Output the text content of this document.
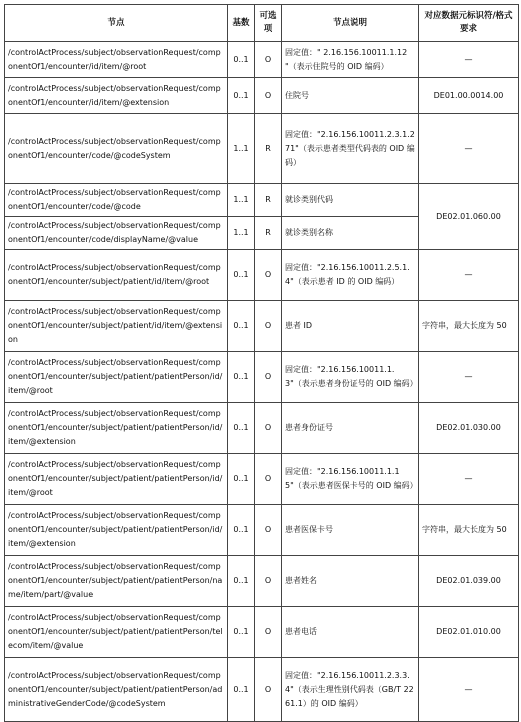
节点	基数	可选项	节点说明	对应数据元标识符/格式要求
/controlActProcess/subject/observationRequest/componentOf1/encounter/id/item/@root	0..1	O	固定值：" 2.16.156.10011.1.12 "（表示住院号的 OID 编码）	—
/controlActProcess/subject/observationRequest/componentOf1/encounter/id/item/@extension	0..1	O	住院号	DE01.00.0014.00
/controlActProcess/subject/observationRequest/componentOf1/encounter/code/@codeSystem	1..1	R	固定值："2.16.156.10011.2.3.1.271"（表示患者类型代码表的 OID 编码）	—
/controlActProcess/subject/observationRequest/componentOf1/encounter/code/@code	1..1	R	就诊类别代码	DE02.01.060.00
/controlActProcess/subject/observationRequest/componentOf1/encounter/code/displayName/@value	1..1	R	就诊类别名称	
/controlActProcess/subject/observationRequest/componentOf1/encounter/subject/patient/id/item/@root	0..1	O	固定值："2.16.156.10011.2.5.1.4"（表示患者 ID 的 OID 编码）	—
/controlActProcess/subject/observationRequest/componentOf1/encounter/subject/patient/id/item/@extension	0..1	O	患者 ID	字符串，最大长度为 50
/controlActProcess/subject/observationRequest/componentOf1/encounter/subject/patient/patientPerson/id/item/@root	0..1	O	固定值："2.16.156.10011.1.3"（表示患者身份证号的 OID 编码）	—
/controlActProcess/subject/observationRequest/componentOf1/encounter/subject/patient/patientPerson/id/item/@extension	0..1	O	患者身份证号	DE02.01.030.00
/controlActProcess/subject/observationRequest/componentOf1/encounter/subject/patient/patientPerson/id/item/@root	0..1	O	固定值："2.16.156.10011.1.15"（表示患者医保卡号的 OID 编码）	—
/controlActProcess/subject/observationRequest/componentOf1/encounter/subject/patient/patientPerson/id/item/@extension	0..1	O	患者医保卡号	字符串，最大长度为 50
/controlActProcess/subject/observationRequest/componentOf1/encounter/subject/patient/patientPerson/name/item/part/@value	0..1	O	患者姓名	DE02.01.039.00
/controlActProcess/subject/observationRequest/componentOf1/encounter/subject/patient/patientPerson/telecom/item/@value	0..1	O	患者电话	DE02.01.010.00
/controlActProcess/subject/observationRequest/componentOf1/encounter/subject/patient/patientPerson/administrativeGenderCode/@codeSystem	0..1	O	固定值："2.16.156.10011.2.3.3.4"（表示生理性别代码表（GB/T 2261.1）的 OID 编码）	—
